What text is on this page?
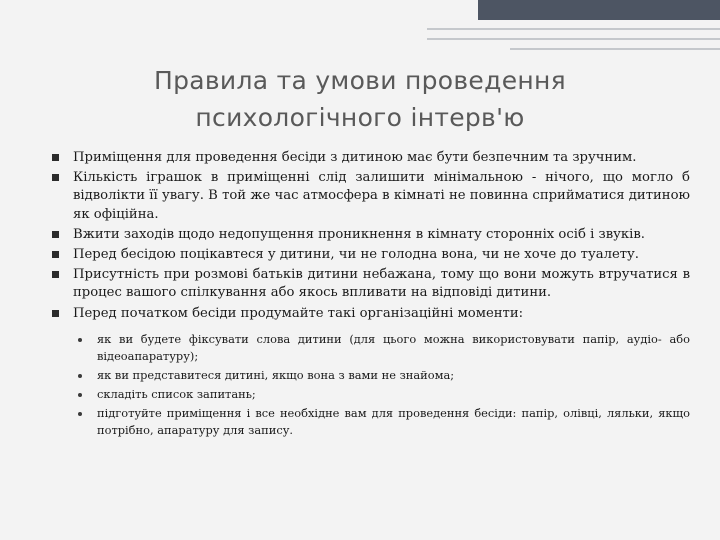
Правила та умови проведення
психологічного інтерв'ю
Приміщення для проведення бесіди з дитиною має бути безпечним та зручним.
Кількість іграшок в приміщенні слід залишити мінімальною - нічого, що могло б відволікти її увагу. В той же час атмосфера в кімнаті не повинна сприйматися дитиною як офіційна.
Вжити заходів щодо недопущення проникнення в кімнату сторонніх осіб і звуків.
Перед бесідою поцікавтеся у дитини, чи не голодна вона, чи не хоче до туалету.
Присутність при розмові батьків дитини небажана, тому що вони можуть втручатися в процес вашого спілкування або якось впливати на відповіді дитини.
Перед початком бесіди продумайте такі організаційні моменти:
як ви будете фіксувати слова дитини (для цього можна використовувати папір, аудіо- або відеоапаратуру);
як ви представитеся дитині, якщо вона з вами не знайома;
складіть список запитань;
підготуйте приміщення і все необхідне вам для проведення бесіди: папір, олівці, ляльки, якщо потрібно, апаратуру для запису.
